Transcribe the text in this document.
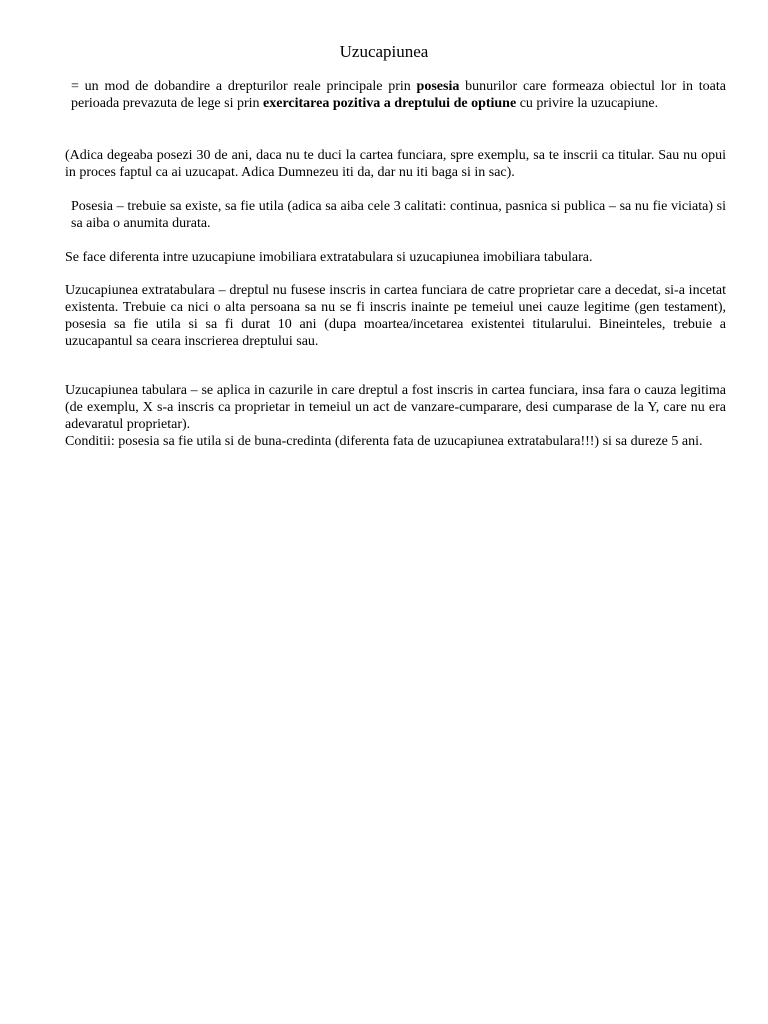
Uzucapiunea

= un mod de dobandire a drepturilor reale principale prin posesia bunurilor care formeaza obiectul lor in toata perioada prevazuta de lege si prin exercitarea pozitiva a dreptului de optiune cu privire la uzucapiune.

(Adica degeaba posezi 30 de ani, daca nu te duci la cartea funciara, spre exemplu, sa te inscrii ca titular. Sau nu opui in proces faptul ca ai uzucapat. Adica Dumnezeu iti da, dar nu iti baga si in sac).

Posesia – trebuie sa existe, sa fie utila (adica sa aiba cele 3 calitati: continua, pasnica si publica – sa nu fie viciata) si sa aiba o anumita durata.

Se face diferenta intre uzucapiune imobiliara extratabulara si uzucapiunea imobiliara tabulara.

Uzucapiunea extratabulara – dreptul nu fusese inscris in cartea funciara de catre proprietar care a decedat, si-a incetat existenta. Trebuie ca nici o alta persoana sa nu se fi inscris inainte pe temeiul unei cauze legitime (gen testament), posesia sa fie utila si sa fi durat 10 ani (dupa moartea/incetarea existentei titularului. Bineinteles, trebuie a uzucapantul sa ceara inscrierea dreptului sau.

Uzucapiunea tabulara – se aplica in cazurile in care dreptul a fost inscris in cartea funciara, insa fara o cauza legitima (de exemplu, X s-a inscris ca proprietar in temeiul un act de vanzare-cumparare, desi cumparase de la Y, care nu era adevaratul proprietar).

Conditii: posesia sa fie utila si de buna-credinta (diferenta fata de uzucapiunea extratabulara!!!) si sa dureze 5 ani.
